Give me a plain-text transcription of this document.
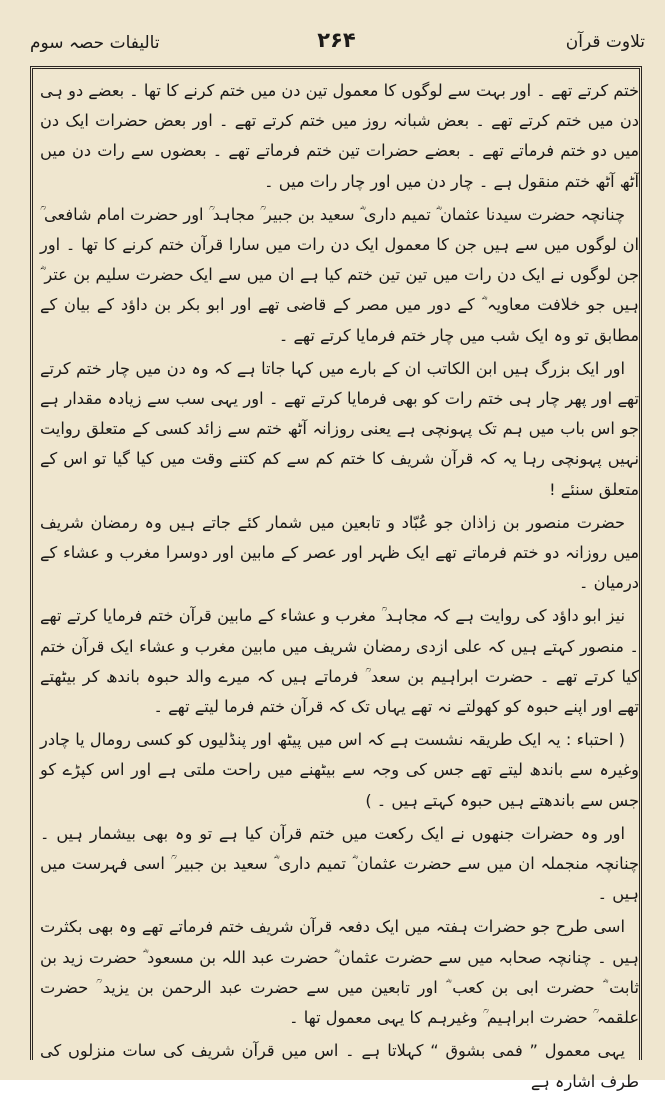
تلاوت قرآن
۲۶۴
تالیفات حصہ سوم

ختم کرتے تھے ۔ اور بہت سے لوگوں کا معمول تین دن میں ختم کرنے کا تھا ۔ بعضے دو ہی دن میں ختم کرتے تھے ۔ بعض شبانہ روز میں ختم کرتے تھے ۔ اور بعض حضرات ایک دن میں دو ختم فرماتے تھے ۔ بعضے حضرات تین ختم فرماتے تھے ۔ بعضوں سے رات دن میں آٹھ آٹھ ختم منقول ہے ۔ چار دن میں اور چار رات میں ۔

چنانچہ حضرت سیدنا عثمان ؓ تمیم داری ؓ سعید بن جبیر ؒ مجاہد ؒ اور حضرت امام شافعی ؒ ان لوگوں میں سے ہیں جن کا معمول ایک دن رات میں سارا قرآن ختم کرنے کا تھا ۔ اور جن لوگوں نے ایک دن رات میں تین تین ختم کیا ہے ان میں سے ایک حضرت سلیم بن عتر ؓ ہیں جو خلافت معاویہ ؓ کے دور میں مصر کے قاضی تھے اور ابو بکر بن داؤد کے بیان کے مطابق تو وہ ایک شب میں چار ختم فرمایا کرتے تھے ۔

اور ایک بزرگ ہیں ابن الکاتب ان کے بارے میں کہا جاتا ہے کہ وہ دن میں چار ختم کرتے تھے اور پھر چار ہی ختم رات کو بھی فرمایا کرتے تھے ۔ اور یہی سب سے زیادہ مقدار ہے جو اس باب میں ہم تک پہونچی ہے یعنی روزانہ آٹھ ختم سے زائد کسی کے متعلق روایت نہیں پہونچی رہا یہ کہ قرآن شریف کا ختم کم سے کم کتنے وقت میں کیا گیا تو اس کے متعلق سنئے !

حضرت منصور بن زاذان جو عُبّاد و تابعین میں شمار کئے جاتے ہیں وہ رمضان شریف میں روزانہ دو ختم فرماتے تھے ایک ظہر اور عصر کے مابین اور دوسرا مغرب و عشاء کے درمیان ۔

نیز ابو داؤد کی روایت ہے کہ مجاہد ؒ مغرب و عشاء کے مابین قرآن ختم فرمایا کرتے تھے ۔ منصور کہتے ہیں کہ علی ازدی رمضان شریف میں مابین مغرب و عشاء ایک قرآن ختم کیا کرتے تھے ۔ حضرت ابراہیم بن سعد ؒ فرماتے ہیں کہ میرے والد حبوہ باندھ کر بیٹھتے تھے اور اپنے حبوہ کو کھولتے نہ تھے یہاں تک کہ قرآن ختم فرما لیتے تھے ۔

( احتباء : یہ ایک طریقہ نشست ہے کہ اس میں پیٹھ اور پنڈلیوں کو کسی رومال یا چادر وغیرہ سے باندھ لیتے تھے جس کی وجہ سے بیٹھنے میں راحت ملتی ہے اور اس کپڑے کو جس سے باندھتے ہیں حبوہ کہتے ہیں ۔ )

اور وہ حضرات جنھوں نے ایک رکعت میں ختم قرآن کیا ہے تو وہ بھی بیشمار ہیں ۔ چنانچہ منجملہ ان میں سے حضرت عثمان ؓ تمیم داری ؓ سعید بن جبیر ؒ اسی فہرست میں ہیں ۔

اسی طرح جو حضرات ہفتہ میں ایک دفعہ قرآن شریف ختم فرماتے تھے وہ بھی بکثرت ہیں ۔ چنانچہ صحابہ میں سے حضرت عثمان ؓ حضرت عبد اللہ بن مسعود ؓ حضرت زید بن ثابت ؓ حضرت ابی بن کعب ؓ اور تابعین میں سے حضرت عبد الرحمن بن یزید ؒ حضرت علقمہ ؒ حضرت ابراہیم ؒ وغیرہم کا یہی معمول تھا ۔

یہی معمول ” فمی بشوق “ کہلاتا ہے ۔ اس میں قرآن شریف کی سات منزلوں کی طرف اشارہ ہے
